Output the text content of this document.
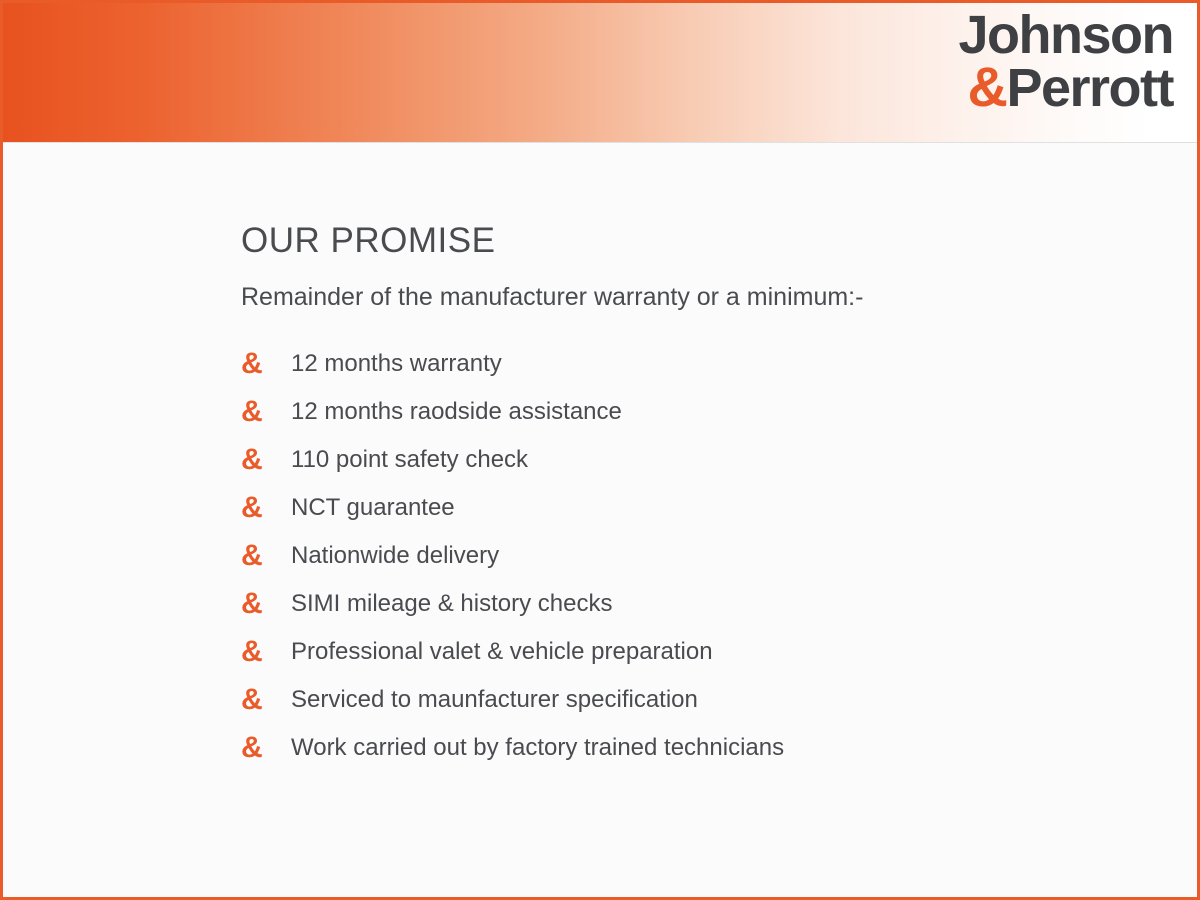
Johnson
&Perrott
OUR PROMISE

Remainder of the manufacturer warranty or a minimum:-

&	12 months warranty
&	12 months raodside assistance
&	110 point safety check
&	NCT guarantee
&	Nationwide delivery
&	SIMI mileage & history checks
&	Professional valet & vehicle preparation
&	Serviced to maunfacturer specification
&	Work carried out by factory trained technicians
